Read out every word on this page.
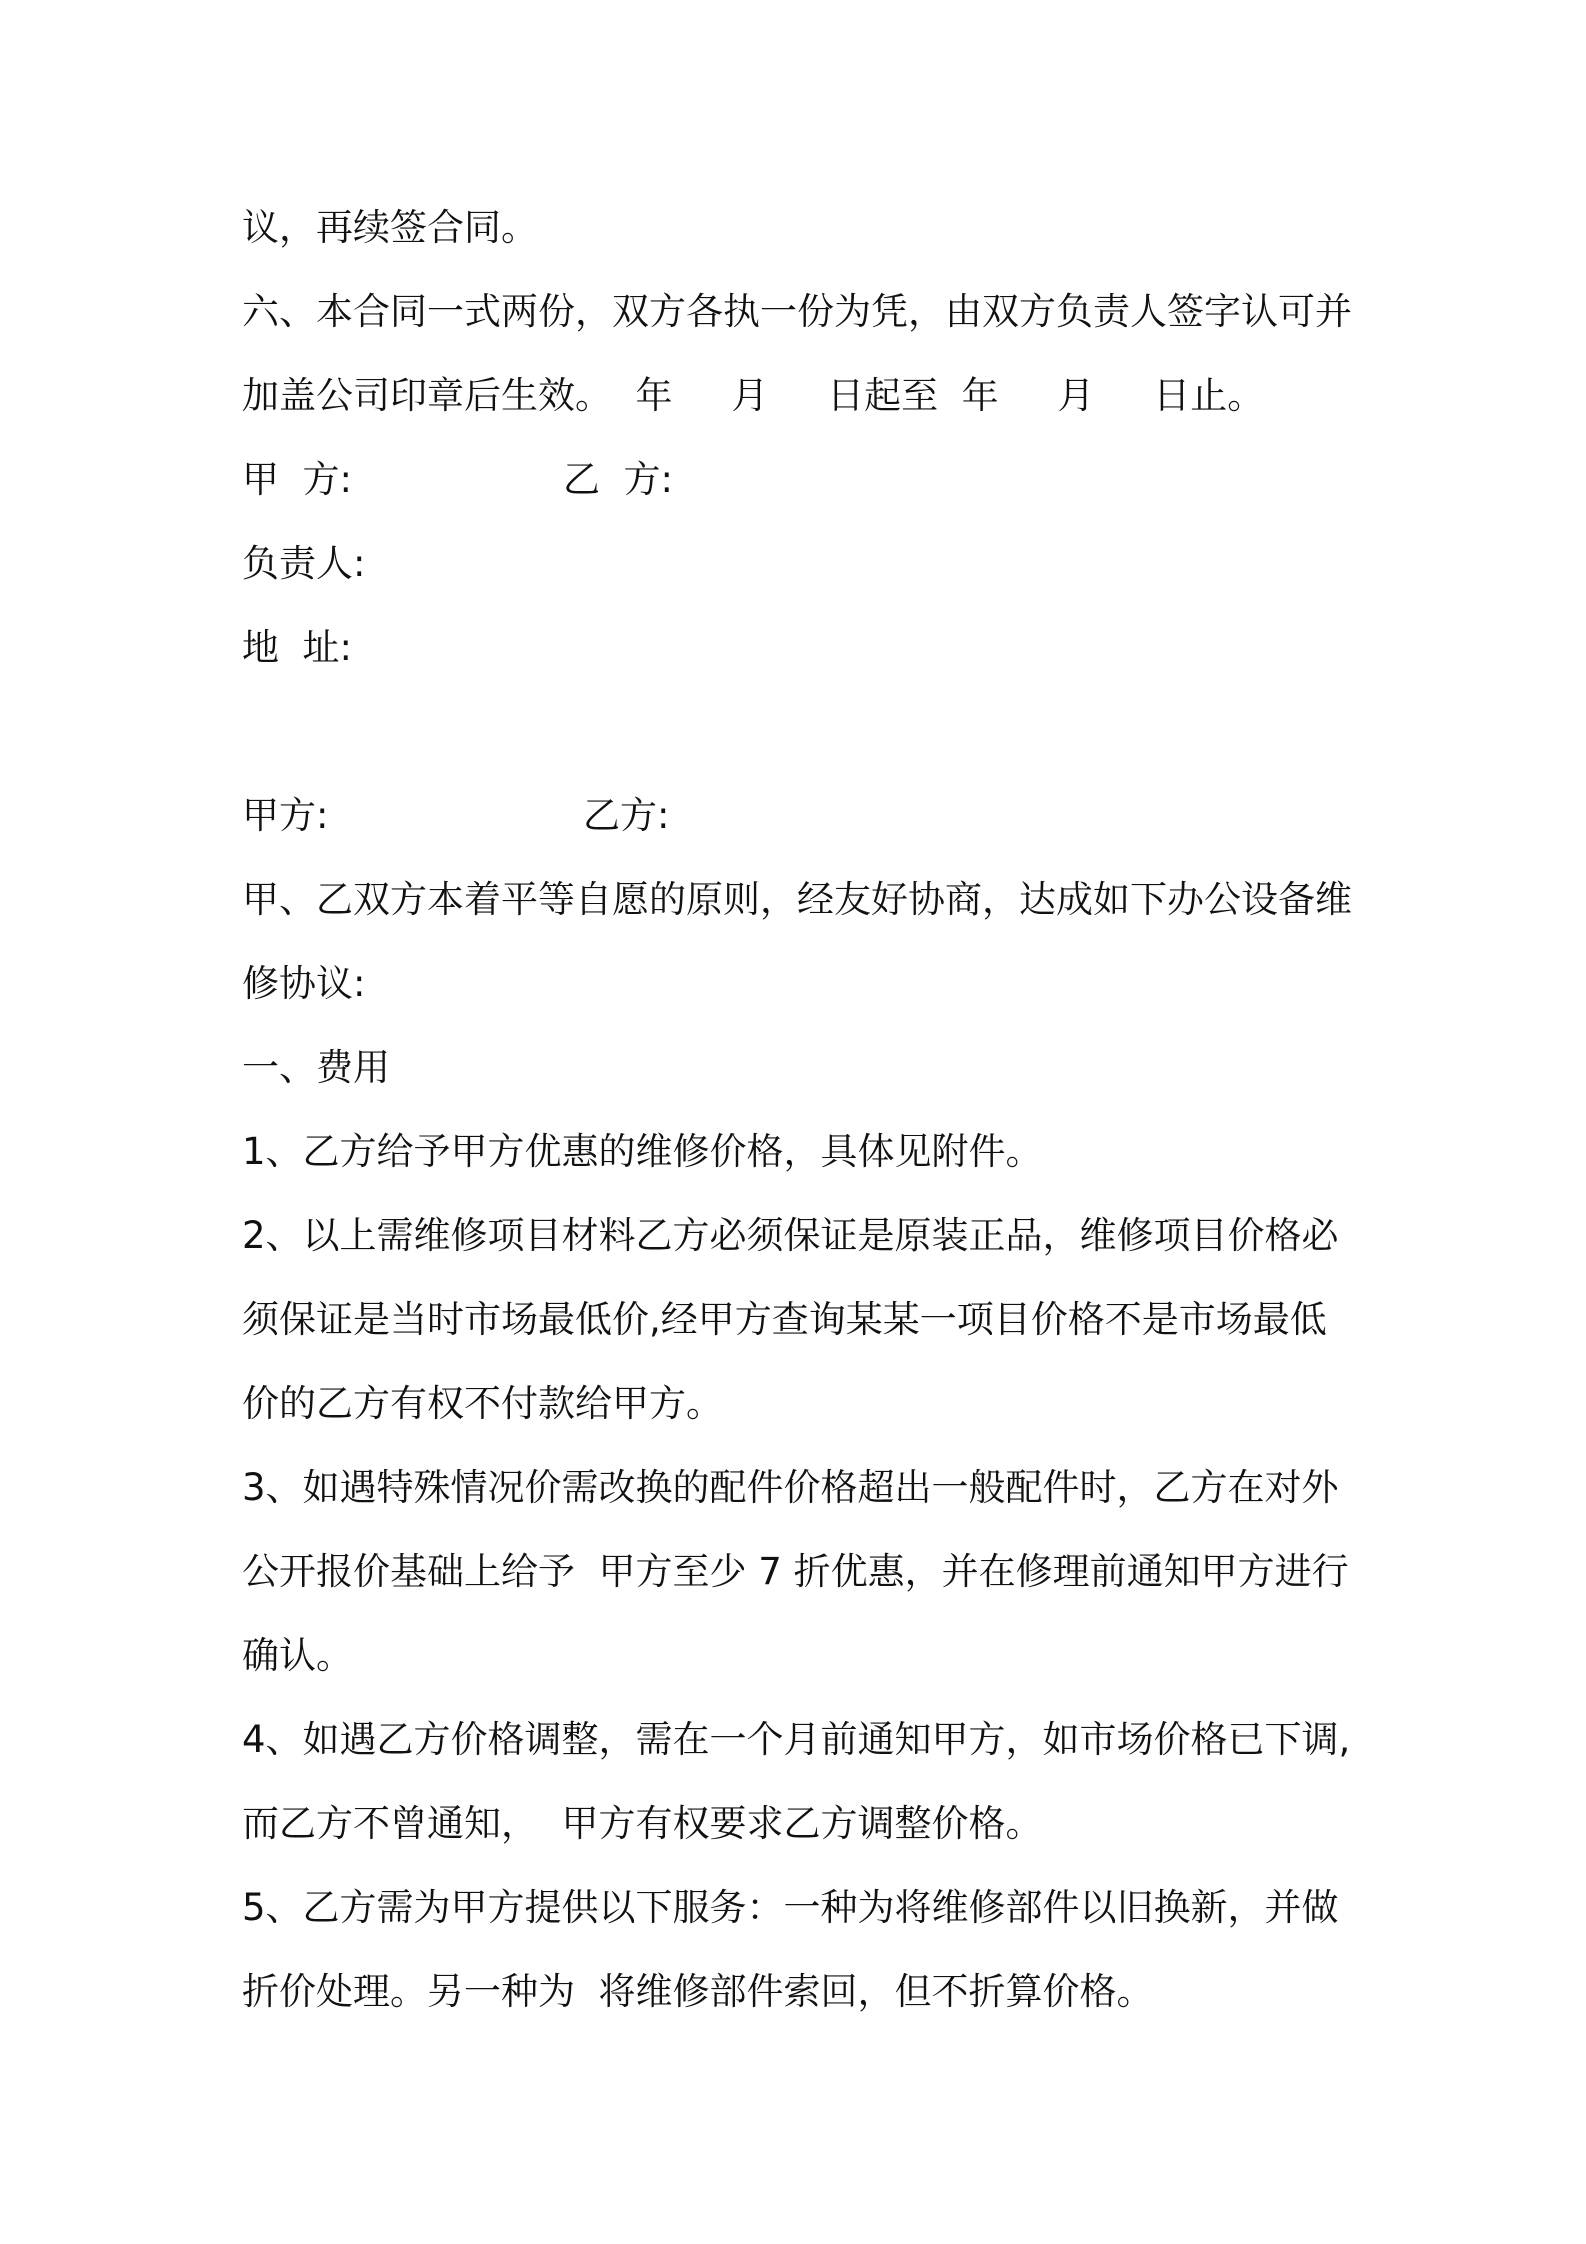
议，再续签合同。
六、本合同一式两份，双方各执一份为凭，由双方负责人签字认可并
加盖公司印章后生效。  年     月     日起至  年     月     日止。
甲  方:	乙  方:
负责人:
地  址:
甲方:	乙方:
甲、乙双方本着平等自愿的原则，经友好协商，达成如下办公设备维
修协议:
一、费用
1、乙方给予甲方优惠的维修价格，具体见附件。
2、以上需维修项目材料乙方必须保证是原装正品，维修项目价格必
须保证是当时市场最低价,经甲方查询某某一项目价格不是市场最低
价的乙方有权不付款给甲方。
3、如遇特殊情况价需改换的配件价格超出一般配件时，乙方在对外
公开报价基础上给予  甲方至少 7 折优惠，并在修理前通知甲方进行
确认。
4、如遇乙方价格调整，需在一个月前通知甲方，如市场价格已下调,
而乙方不曾通知，  甲方有权要求乙方调整价格。
5、乙方需为甲方提供以下服务：一种为将维修部件以旧换新，并做
折价处理。另一种为  将维修部件索回，但不折算价格。
